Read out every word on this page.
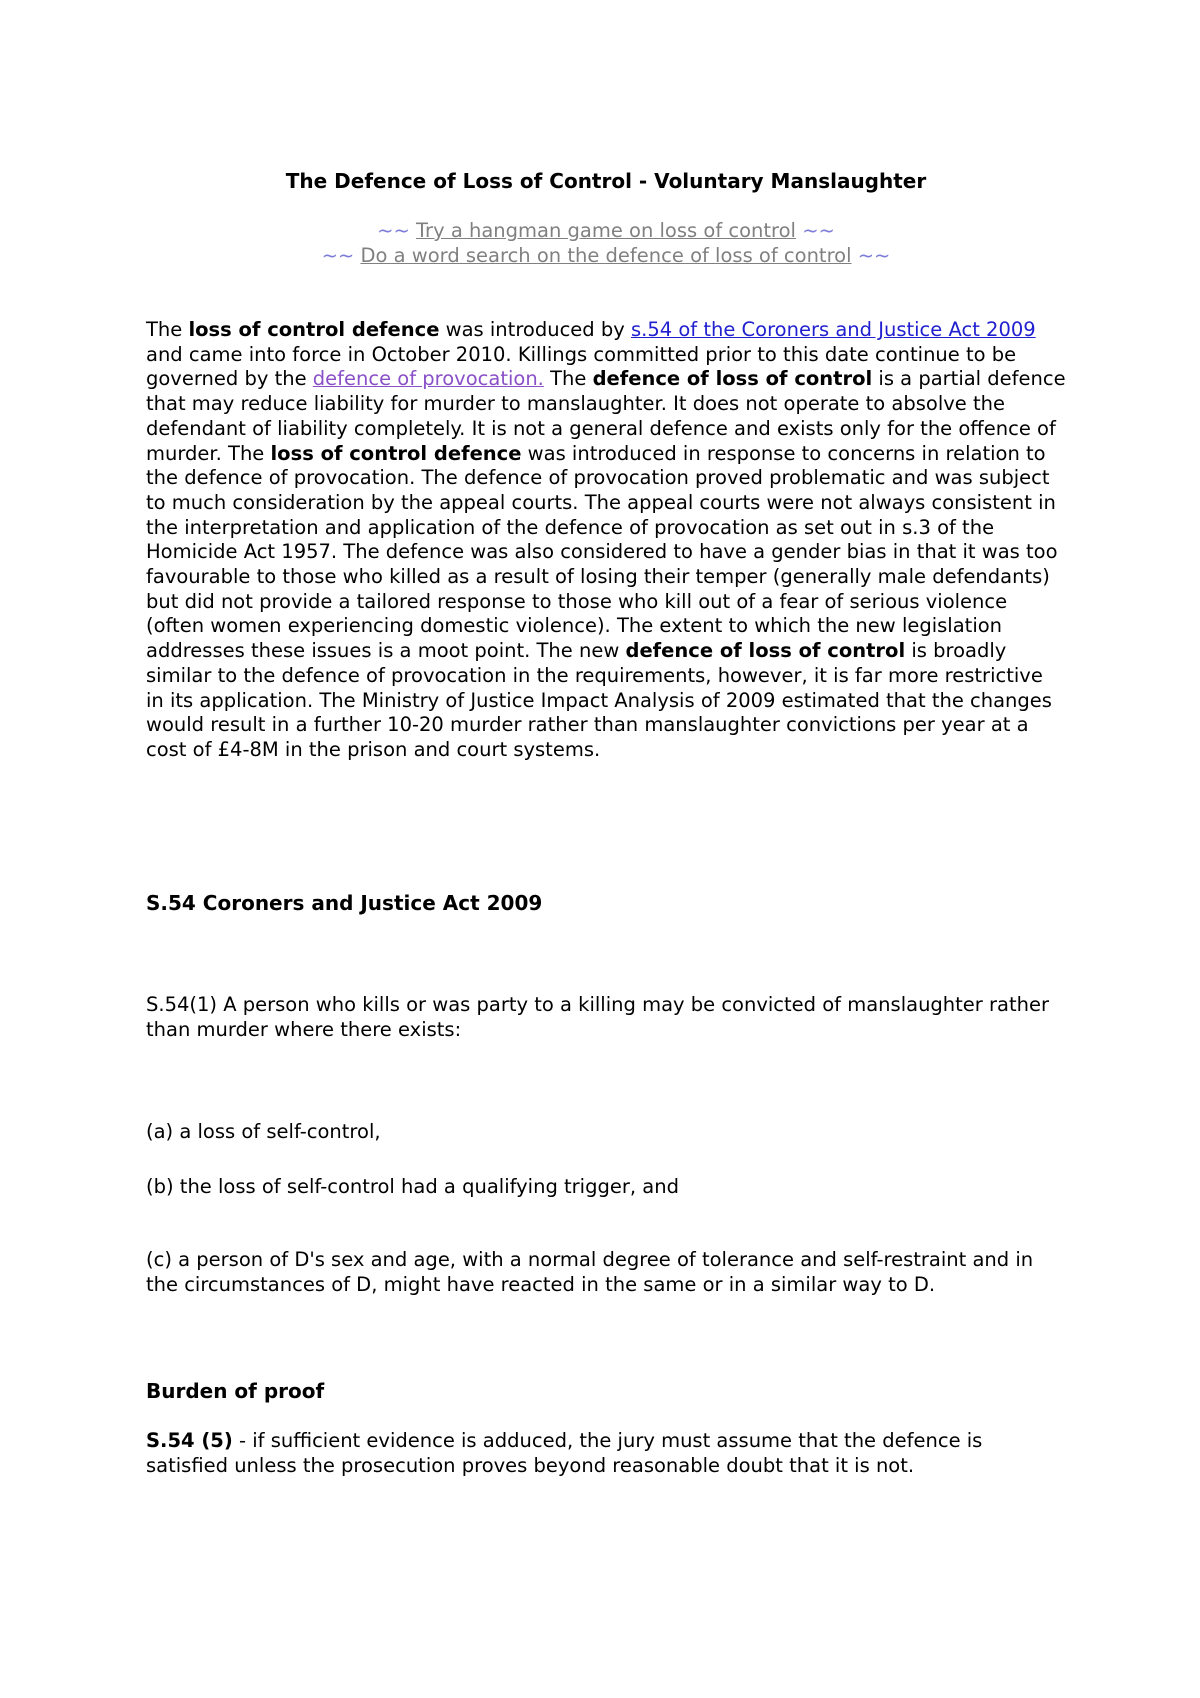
The Defence of Loss of Control - Voluntary Manslaughter
~~ Try a hangman game on loss of control ~~
~~ Do a word search on the defence of loss of control ~~

The loss of control defence was introduced by s.54 of the Coroners and Justice Act 2009 and came into force in October 2010. Killings committed prior to this date continue to be governed by the defence of provocation. The defence of loss of control is a partial defence that may reduce liability for murder to manslaughter. It does not operate to absolve the defendant of liability completely. It is not a general defence and exists only for the offence of murder. The loss of control defence was introduced in response to concerns in relation to the defence of provocation. The defence of provocation proved problematic and was subject to much consideration by the appeal courts. The appeal courts were not always consistent in the interpretation and application of the defence of provocation as set out in s.3 of the Homicide Act 1957. The defence was also considered to have a gender bias in that it was too favourable to those who killed as a result of losing their temper (generally male defendants) but did not provide a tailored response to those who kill out of a fear of serious violence (often women experiencing domestic violence). The extent to which the new legislation addresses these issues is a moot point. The new defence of loss of control is broadly similar to the defence of provocation in the requirements, however, it is far more restrictive in its application. The Ministry of Justice Impact Analysis of 2009 estimated that the changes would result in a further 10-20 murder rather than manslaughter convictions per year at a cost of £4-8M in the prison and court systems.

S.54 Coroners and Justice Act 2009

S.54(1) A person who kills or was party to a killing may be convicted of manslaughter rather than murder where there exists:

(a) a loss of self-control,

(b) the loss of self-control had a qualifying trigger, and

(c) a person of D's sex and age, with a normal degree of tolerance and self-restraint and in the circumstances of D, might have reacted in the same or in a similar way to D.

Burden of proof

S.54 (5) - if sufficient evidence is adduced, the jury must assume that the defence is satisfied unless the prosecution proves beyond reasonable doubt that it is not.
